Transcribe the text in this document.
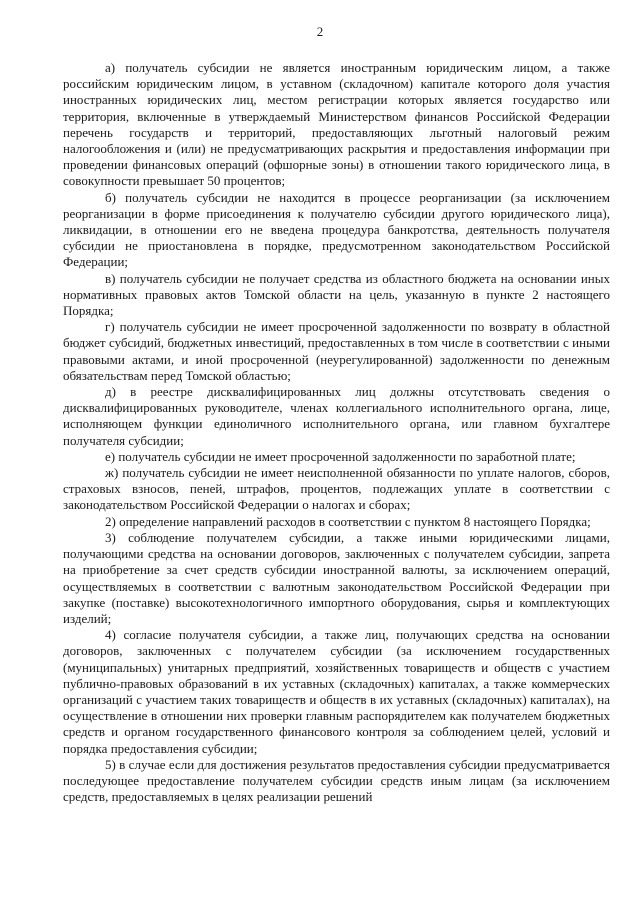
2

а) получатель субсидии не является иностранным юридическим лицом, а также российским юридическим лицом, в уставном (складочном) капитале которого доля участия иностранных юридических лиц, местом регистрации которых является государство или территория, включенные в утверждаемый Министерством финансов Российской Федерации перечень государств и территорий, предоставляющих льготный налоговый режим налогообложения и (или) не предусматривающих раскрытия и предоставления информации при проведении финансовых операций (офшорные зоны) в отношении такого юридического лица, в совокупности превышает 50 процентов;

б) получатель субсидии не находится в процессе реорганизации (за исключением реорганизации в форме присоединения к получателю субсидии другого юридического лица), ликвидации, в отношении его не введена процедура банкротства, деятельность получателя субсидии не приостановлена в порядке, предусмотренном законодательством Российской Федерации;

в) получатель субсидии не получает средства из областного бюджета на основании иных нормативных правовых актов Томской области на цель, указанную в пункте 2 настоящего Порядка;

г) получатель субсидии не имеет просроченной задолженности по возврату в областной бюджет субсидий, бюджетных инвестиций, предоставленных в том числе в соответствии с иными правовыми актами, и иной просроченной (неурегулированной) задолженности по денежным обязательствам перед Томской областью;

д) в реестре дисквалифицированных лиц должны отсутствовать сведения о дисквалифицированных руководителе, членах коллегиального исполнительного органа, лице, исполняющем функции единоличного исполнительного органа, или главном бухгалтере получателя субсидии;

е) получатель субсидии не имеет просроченной задолженности по заработной плате;

ж) получатель субсидии не имеет неисполненной обязанности по уплате налогов, сборов, страховых взносов, пеней, штрафов, процентов, подлежащих уплате в соответствии с законодательством Российской Федерации о налогах и сборах;

2) определение направлений расходов в соответствии с пунктом 8 настоящего Порядка;

3) соблюдение получателем субсидии, а также иными юридическими лицами, получающими средства на основании договоров, заключенных с получателем субсидии, запрета на приобретение за счет средств субсидии иностранной валюты, за исключением операций, осуществляемых в соответствии с валютным законодательством Российской Федерации при закупке (поставке) высокотехнологичного импортного оборудования, сырья и комплектующих изделий;

4) согласие получателя субсидии, а также лиц, получающих средства на основании договоров, заключенных с получателем субсидии (за исключением государственных (муниципальных) унитарных предприятий, хозяйственных товариществ и обществ с участием публично-правовых образований в их уставных (складочных) капиталах, а также коммерческих организаций с участием таких товариществ и обществ в их уставных (складочных) капиталах), на осуществление в отношении них проверки главным распорядителем как получателем бюджетных средств и органом государственного финансового контроля за соблюдением целей, условий и порядка предоставления субсидии;

5) в случае если для достижения результатов предоставления субсидии предусматривается последующее предоставление получателем субсидии средств иным лицам (за исключением средств, предоставляемых в целях реализации решений
